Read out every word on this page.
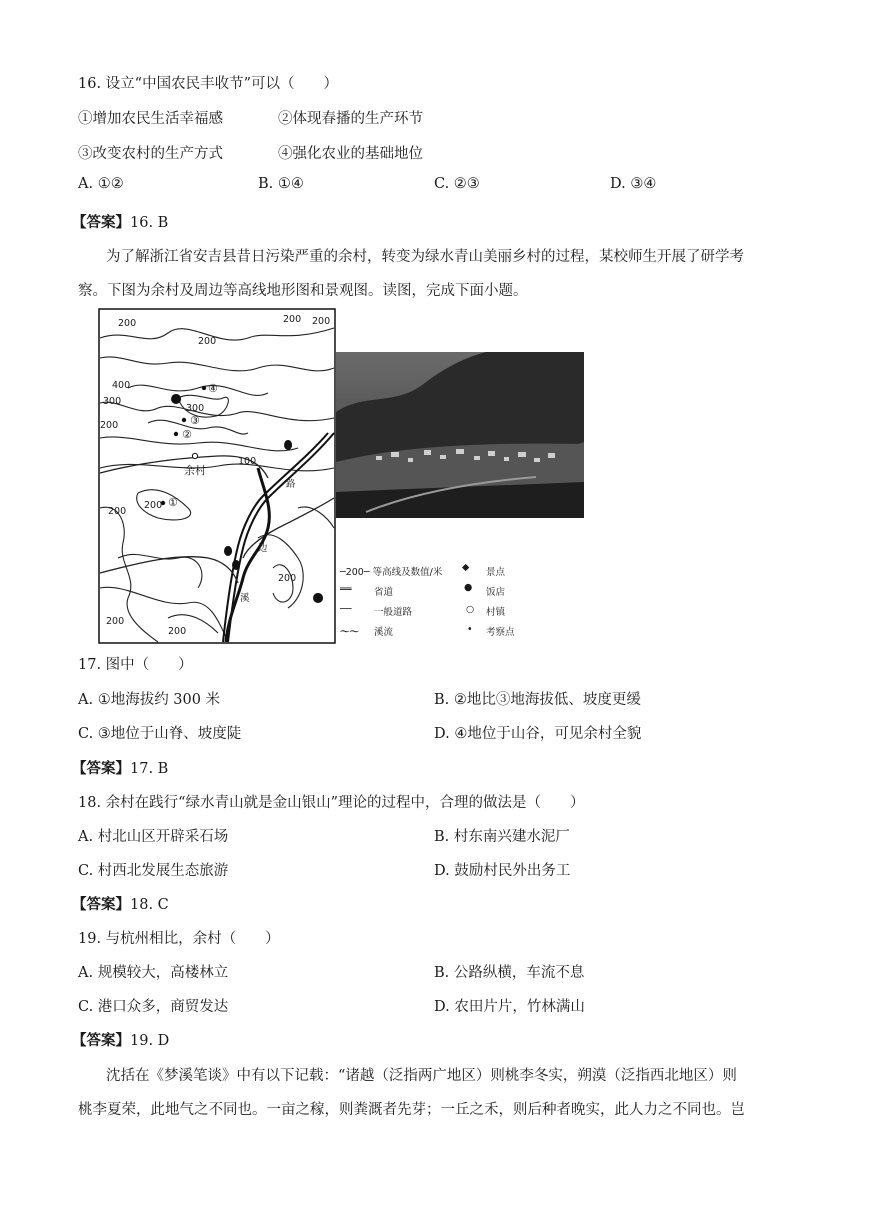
16. 设立“中国农民丰收节”可以（　　）
①增加农民生活幸福感	②体现春播的生产环节
③改变农村的生产方式	④强化农业的基础地位
A. ①②	B. ①④	C. ②③	D. ③④
【答案】16. B
为了解浙江省安吉县昔日污染严重的余村，转变为绿水青山美丽乡村的过程，某校师生开展了研学考
察。下图为余村及周边等高线地形图和景观图。读图，完成下面小题。
200
200
200 200
400
300
300
200
100
200
200
200
200
200
④
③
②
①
余村
路
边
溪
─200─ 等高线及数值/米 ◆ 景点
══ 省道	● 饭店
── 一般道路	○ 村镇
～～ 溪流	• 考察点
17. 图中（　　）
A. ①地海拔约 300 米	B. ②地比③地海拔低、坡度更缓
C. ③地位于山脊、坡度陡	D. ④地位于山谷，可见余村全貌
【答案】17. B
18. 余村在践行“绿水青山就是金山银山”理论的过程中，合理的做法是（　　）
A. 村北山区开辟采石场	B. 村东南兴建水泥厂
C. 村西北发展生态旅游	D. 鼓励村民外出务工
【答案】18. C
19. 与杭州相比，余村（　　）
A. 规模较大，高楼林立	B. 公路纵横，车流不息
C. 港口众多，商贸发达	D. 农田片片，竹林满山
【答案】19. D
沈括在《梦溪笔谈》中有以下记载：“诸越（泛指两广地区）则桃李冬实，朔漠（泛指西北地区）则
桃李夏荣，此地气之不同也。一亩之稼，则粪溉者先芽；一丘之禾，则后种者晚实，此人力之不同也。岂
